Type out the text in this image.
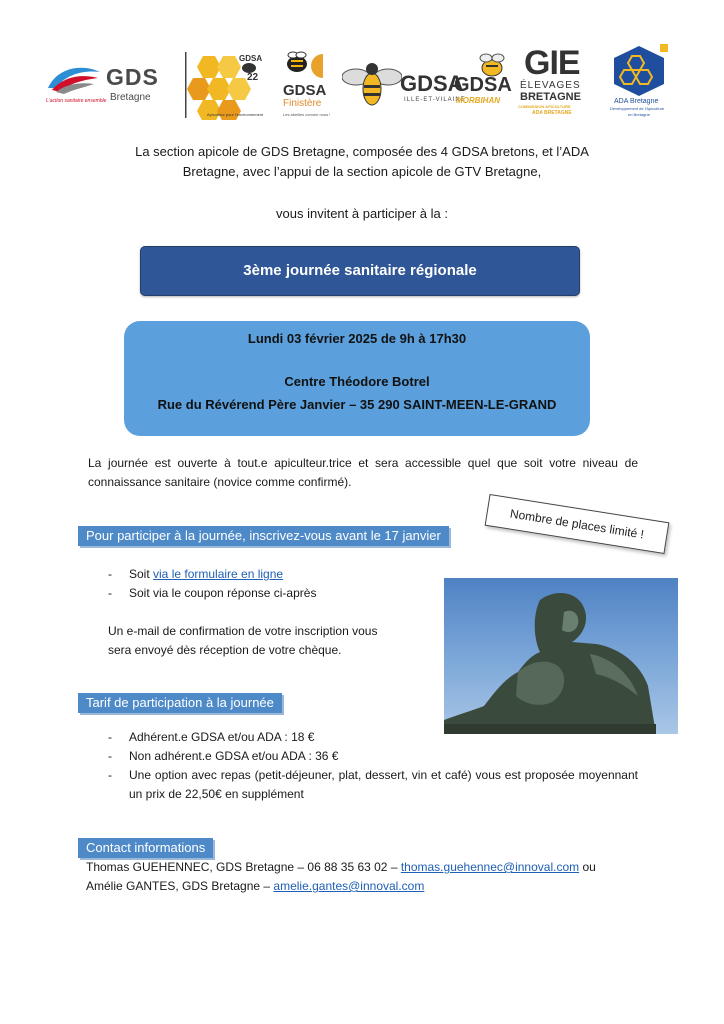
GDS
Bretagne
L'action sanitaire ensemble
GDSA
22
Apiculteur pour l'environnement
GDSA
Finistère
Les abeilles comme nous !
GDSA
ILLE-ET-VILAINE
GDSA
MORBIHAN
GIE
ÉLEVAGES
BRETAGNE
COMMISSION APICULTURE
ADA BRETAGNE
ADA Bretagne
Développement de l'Apiculture
en Bretagne
La section apicole de GDS Bretagne, composée des 4 GDSA bretons, et l’ADA
Bretagne, avec l’appui de la section apicole de GTV Bretagne,
vous invitent à participer à la :
3ème journée sanitaire régionale
Lundi 03 février 2025 de 9h à 17h30
Centre Théodore Botrel
Rue du Révérend Père Janvier – 35 290 SAINT-MEEN-LE-GRAND
La journée est ouverte à tout.e apiculteur.trice et sera accessible quel que soit votre niveau de connaissance sanitaire (novice comme confirmé).
Pour participer à la journée, inscrivez-vous avant le 17 janvier	Nombre de places limité !
- Soit via le formulaire en ligne
- Soit via le coupon réponse ci-après
Un e-mail de confirmation de votre inscription vous
sera envoyé dès réception de votre chèque.
Tarif de participation à la journée
- Adhérent.e GDSA et/ou ADA : 18 €
- Non adhérent.e GDSA et/ou ADA : 36 €
- Une option avec repas (petit-déjeuner, plat, dessert, vin et café) vous est proposée moyennant un prix de 22,50€ en supplément
Contact informations
Thomas GUEHENNEC, GDS Bretagne – 06 88 35 63 02 – thomas.guehennec@innoval.com ou
Amélie GANTES, GDS Bretagne – amelie.gantes@innoval.com
